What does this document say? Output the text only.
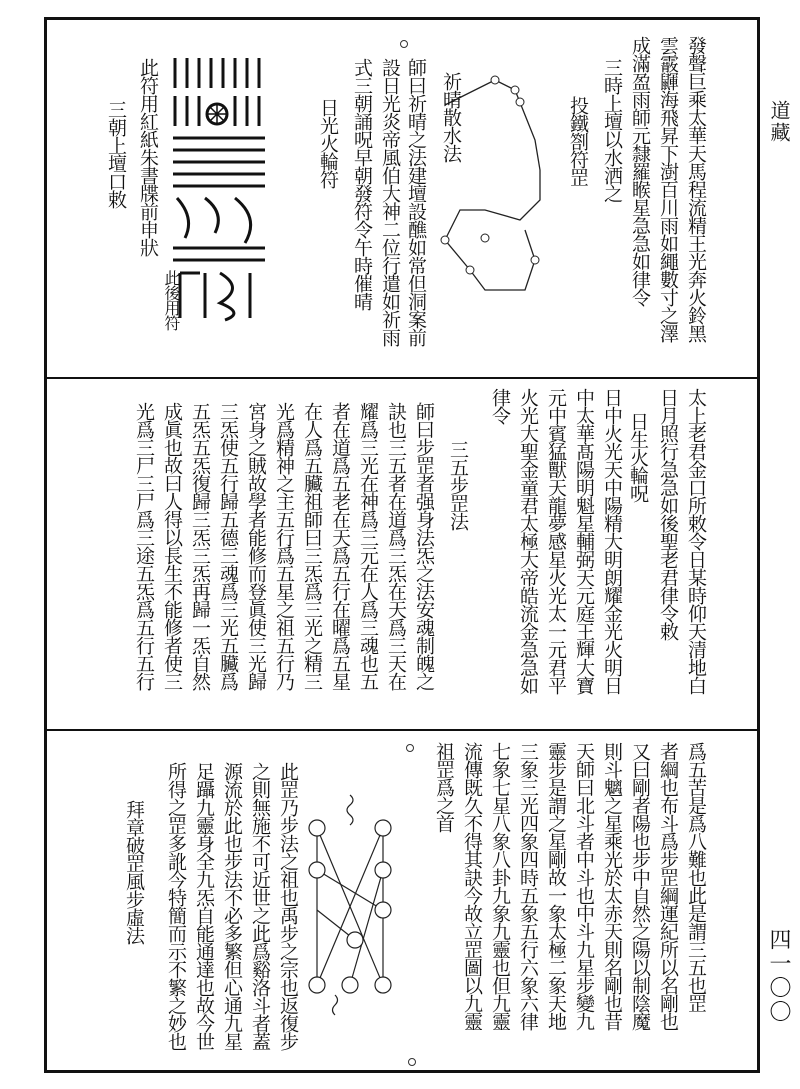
道藏
四一〇〇
發聲巨乘太華天馬程流精王光奔火鈴黑
雲霰鼲海飛昇下澍百川雨如繩數寸之澤
成滿盈雨師元隸羅睺星急急如律令
三時上壇以水洒之
投鐵劄符罡
祈晴散水法
師曰祈晴之法建壇設醮如常但洞案前
設日光炎帝風伯大神二位行遣如祈雨
式三朝誦呪早朝發符令午時催晴
日光火輪符
此符用紅紙朱書牒前申狀
此後用符
三朝上壇口敕
太上老君金口所敕令日某時仰天清地白
日月照行急急如後聖老君律令敕
日生火輪呪
日中火光天中陽精大明朗耀金光火明日
中太華髙陽明魁星輔弼天元庭王輝大寶
元中賓猛獸天龍夢感星火光太一元君平
火光大聖金童君太極大帝皓流金急急如
律令
三五步罡法
師曰步罡者强身法炁之法安魂制魄之
訣也三五者在道爲三炁在天爲三天在
耀爲三光在神爲三元在人爲三魂也五
者在道爲五老在天爲五行在曜爲五星
在人爲五臟祖師曰三炁爲三光之精三
光爲精神之主五行爲五星之祖五行乃
宮身之賊故學者能修而登眞使三光歸
三炁使五行歸五德三魂爲三光五臟爲
五炁五炁復歸三炁三炁再歸一炁自然
成眞也故曰人得以長生不能修者使三
光爲三尸三尸爲三途五炁爲五行五行
爲五苦是爲八難也此是謂三五也罡
者綱也布斗爲步罡綱運紀所以名剛也
又曰剛者陽也步中自然之陽以制陰魔
則斗魑之星乘光於太赤天則名剛也昔
天師曰北斗者中斗也中斗九星步變九
靈步是謂之星剛故一象太極二象天地
三象三光四象四時五象五行六象六律
七象七星八象八卦九象九靈也但九靈
流傳既久不得其訣今故立罡圖以九靈
祖罡爲之首
此罡乃步法之祖也禹步之宗也返復步
之則無施不可近世之此爲谿洛斗者蓋
源流於此也步法不必多繁但心通九星
足躡九靈身全九炁自能通達也故今世
所得之罡多訛今特簡而示不繁之妙也
拜章破罡風步虛法
